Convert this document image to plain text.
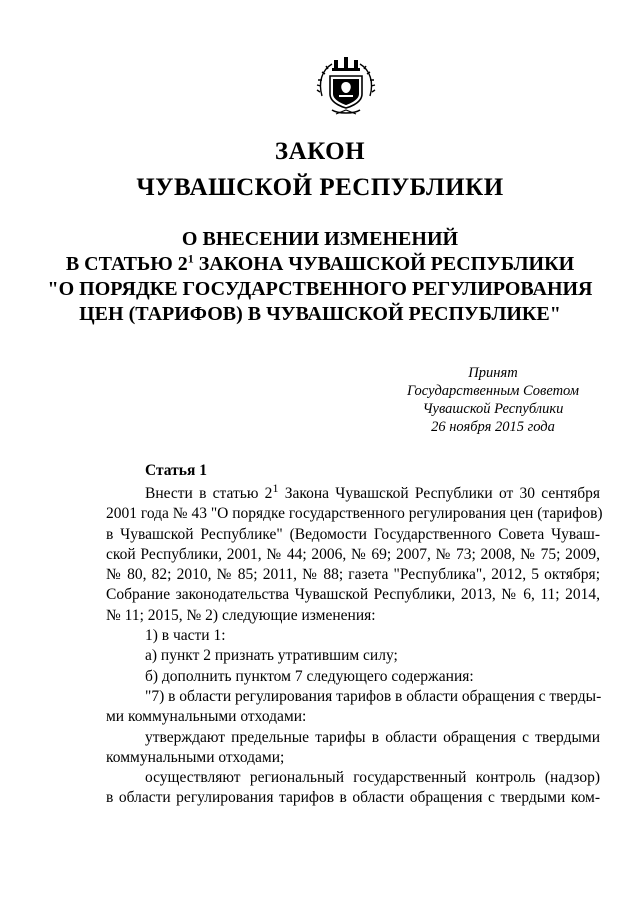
ЗАКОН
ЧУВАШСКОЙ РЕСПУБЛИКИ
О ВНЕСЕНИИ ИЗМЕНЕНИЙ
В СТАТЬЮ $2^1$ ЗАКОНА ЧУВАШСКОЙ РЕСПУБЛИКИ
"О ПОРЯДКЕ ГОСУДАРСТВЕННОГО РЕГУЛИРОВАНИЯ
ЦЕН (ТАРИФОВ) В ЧУВАШСКОЙ РЕСПУБЛИКЕ"
Принят
Государственным Советом
Чувашской Республики
26 ноября 2015 года
Статья 1
Внести в статью $2^1$ Закона Чувашской Республики от 30 сентября
2001 года № 43 "О порядке государственного регулирования цен (тарифов)
в Чувашской Республике" (Ведомости Государственного Совета Чуваш-
ской Республики, 2001, № 44; 2006, № 69; 2007, № 73; 2008, № 75; 2009,
№ 80, 82; 2010, № 85; 2011, № 88; газета "Республика", 2012, 5 октября;
Собрание законодательства Чувашской Республики, 2013, № 6, 11; 2014,
№ 11; 2015, № 2) следующие изменения:
1) в части 1:
а) пункт 2 признать утратившим силу;
б) дополнить пунктом 7 следующего содержания:
"7) в области регулирования тарифов в области обращения с тверды-
ми коммунальными отходами:
утверждают предельные тарифы в области обращения с твердыми
коммунальными отходами;
осуществляют региональный государственный контроль (надзор)
в области регулирования тарифов в области обращения с твердыми ком-
